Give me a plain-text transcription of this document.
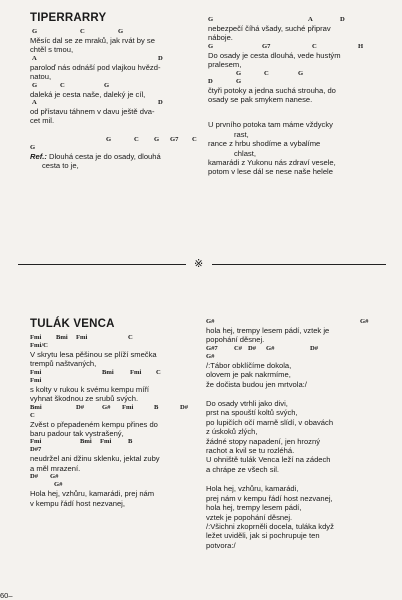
TIPERRARRY
G	C	G
Měsíc dal se ze mraků, jak rvát by se
chtěl s tmou,
A	D
paroloď nás odnáší pod vlajkou hvězd-
natou,
G	C	G
daleká je cesta naše, daleký je cíl,
A	D
od přístavu táhnem v davu ještě dva-
cet mil.
G	C G G7 C
G
Ref.: Dlouhá cesta je do osady, dlouhá
cesta to je,
G	A	D
nebezpečí číhá všady, suché připrav
náboje.
G	G7	C	H
Do osady je cesta dlouhá, vede hustým
pralesem,
G	C	G
D	G
čtyři potoky a jedna suchá strouha, do
osady se pak smykem nanese.
U prvního potoka tam máme vždycky
rast,
rance z hrbu shodíme a vybalíme
chlast,
kamarádi z Yukonu nás zdraví vesele,
potom v lese dál se nese naše helele
※
TULÁK VENCA
Fmi Bmi Fmi	C
Fmi/C
V skrytu lesa pěšinou se plíží smečka
trempů naštvaných,
Fmi	Bmi Fmi C
Fmi
s kolty v rukou k svému kempu míří
vyhnat škodnou ze srubů svých.
Bmi	D#	G# Fmi	B	D#
C
Zvěst o přepadeném kempu přines do
baru padour tak vystrašený,
Fmi	Bmi Fmi	B
D#7
neudržel ani džinu sklenku, jektal zuby
a měl mrazení.
D# G#
G#
Hola hej, vzhůru, kamarádi, prej nám
v kempu řádí host nezvanej,
G#	G#
hola hej, trempy lesem pádí, vztek je
popohání děsnej.
G#7 C# D# G#	D#
G#
/:Tábor obklíčíme dokola,
olovem je pak nakrmíme,
že dočista budou jen mrtvola:/
Do osady vtrhli jako divi,
prst na spouští koltů svých,
po lupičích očí marně slídí, v obavách
z úskoků zlých,
žádné stopy napadení, jen hrozný
rachot a kvil se tu rozléhá.
U ohniště tulák Venca leží na zádech
a chrápe ze všech sil.
Hola hej, vzhůru, kamarádi,
prej nám v kempu řádí host nezvanej,
hola hej, trempy lesem pádí,
vztek je popohání děsnej.
/:Všichni zkoprněli docela, tuláka když
ležet uviděli, jak si pochrupuje ten
potvora:/
60–
